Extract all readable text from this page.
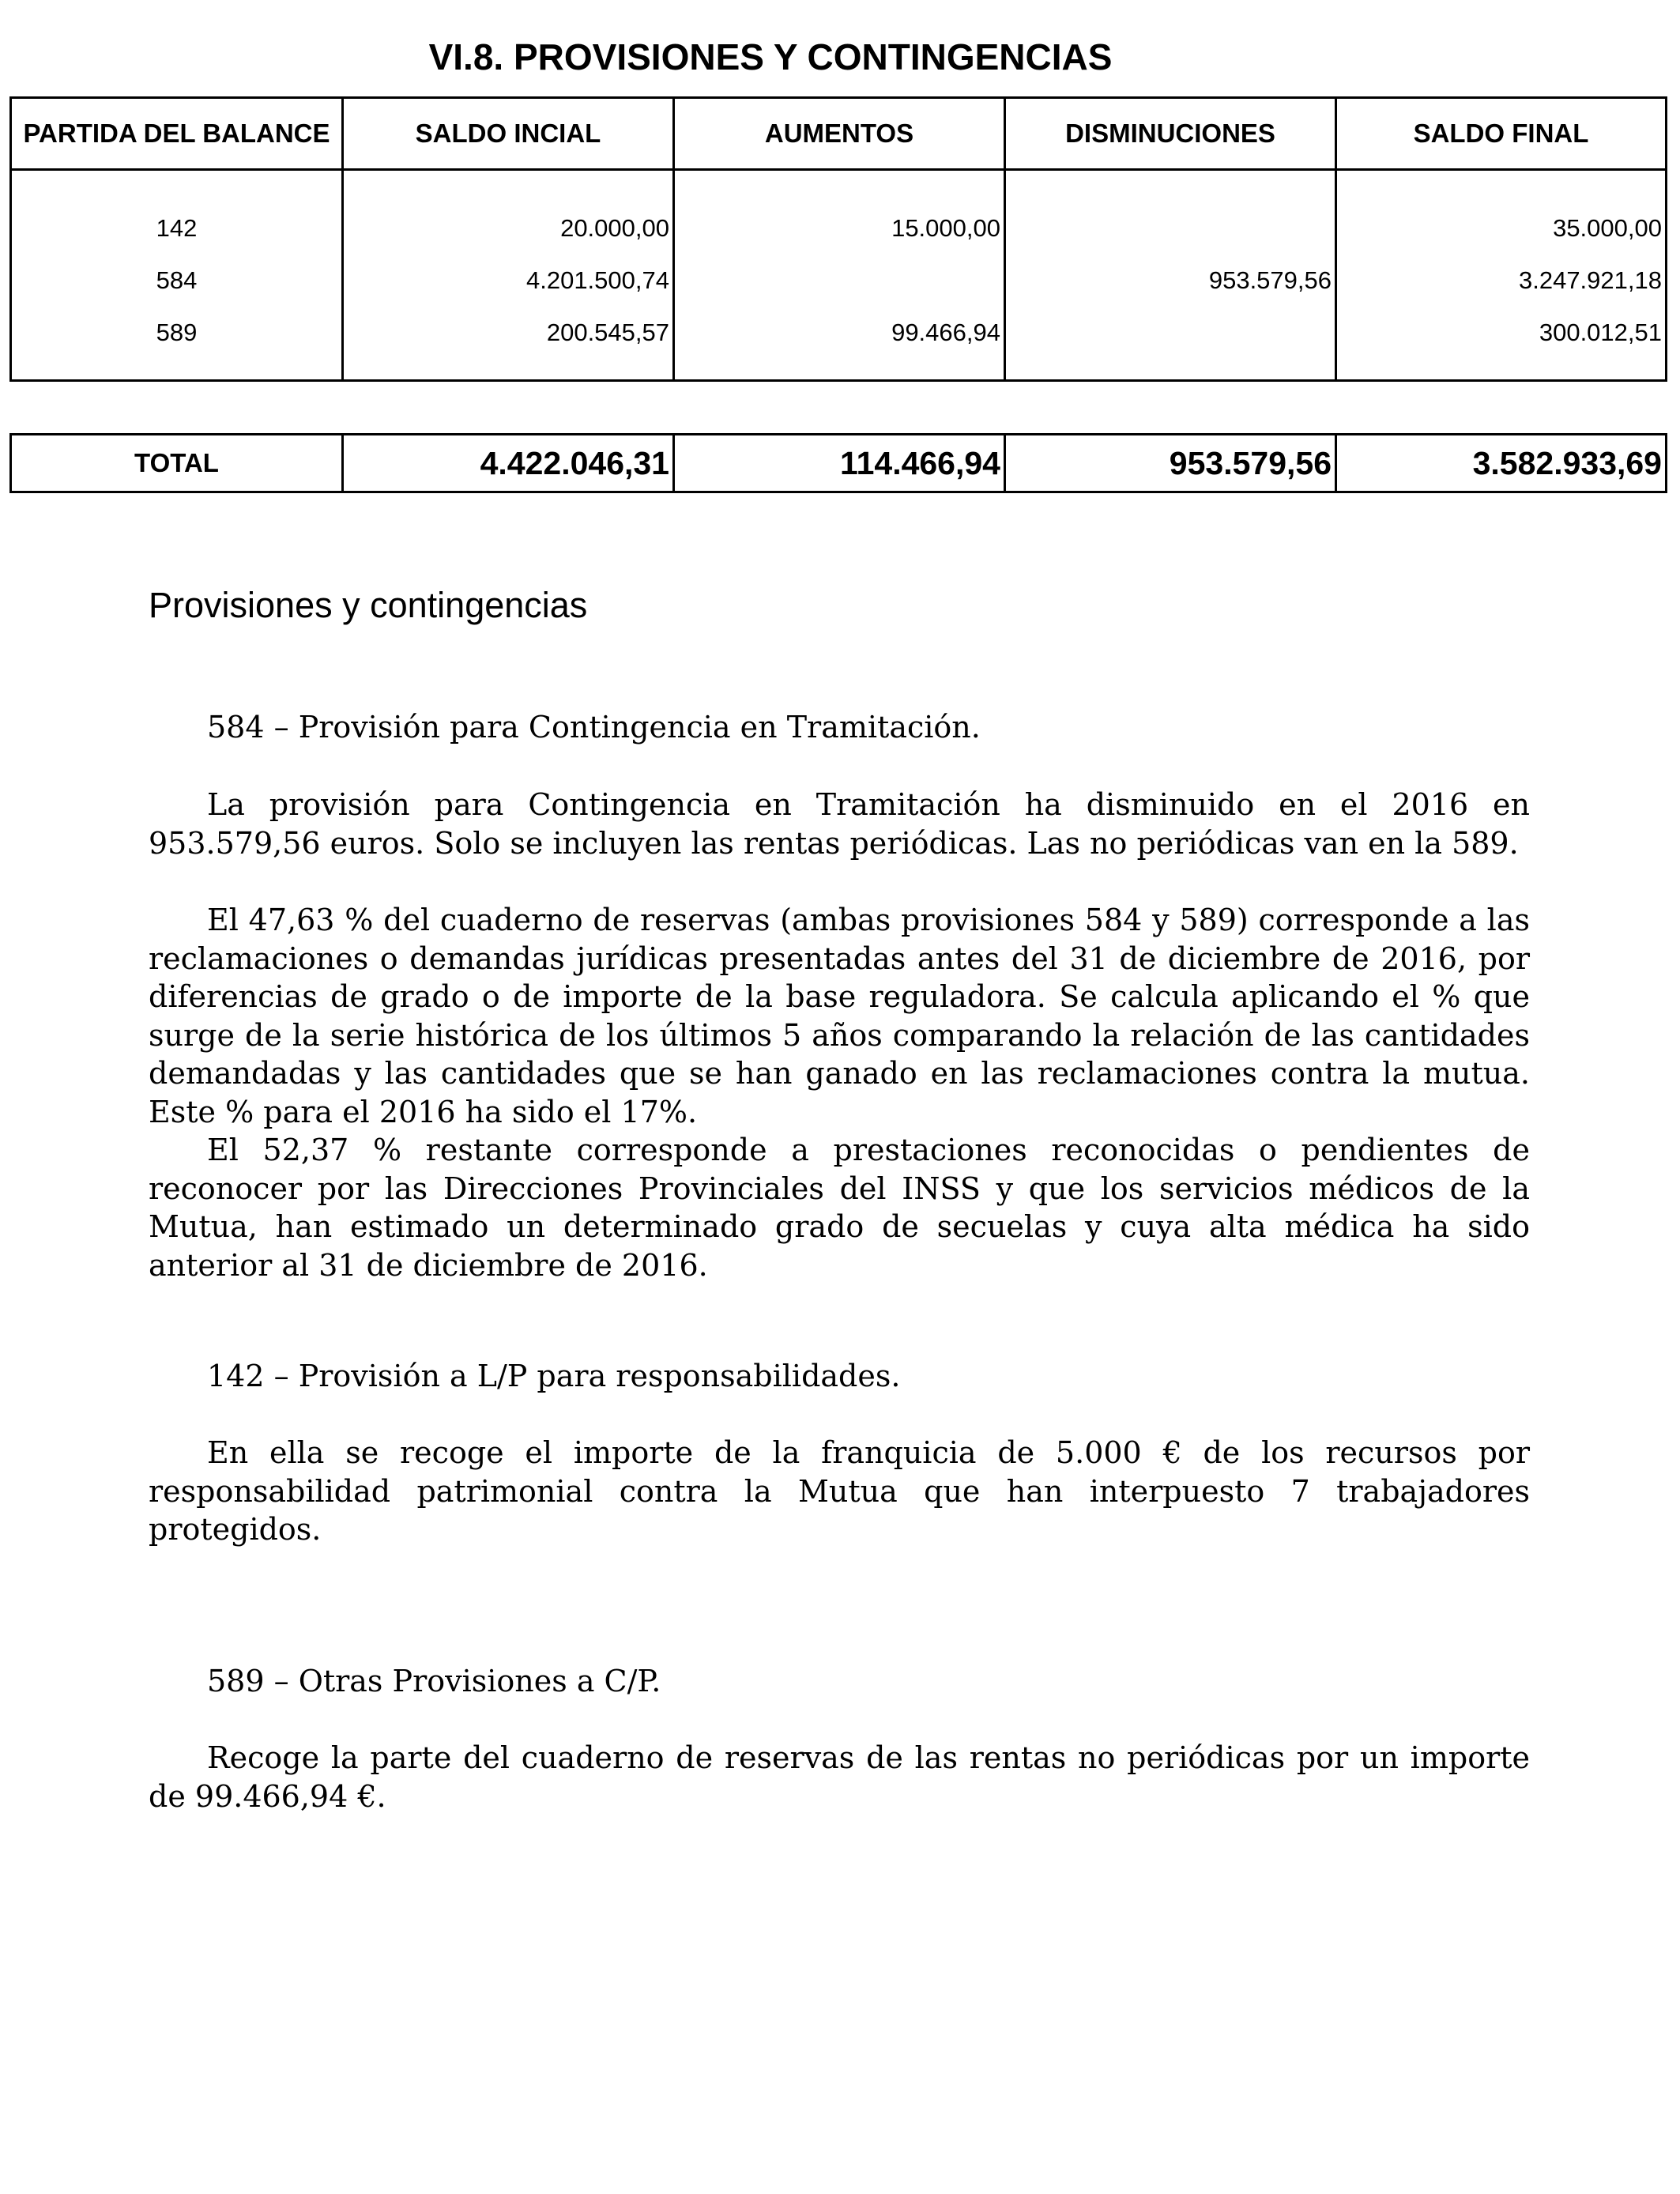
VI.8. PROVISIONES Y CONTINGENCIAS
PARTIDA DEL BALANCE	SALDO INCIAL	AUMENTOS	DISMINUCIONES	SALDO FINAL
142	20.000,00	15.000,00		35.000,00
584	4.201.500,74		953.579,56	3.247.921,18
589	200.545,57	99.466,94		300.012,51
TOTAL	4.422.046,31	114.466,94	953.579,56	3.582.933,69
Provisiones y contingencias

584 – Provisión para Contingencia en Tramitación.

La provisión para Contingencia en Tramitación ha disminuido en el 2016 en 953.579,56 euros. Solo se incluyen las rentas periódicas. Las no periódicas van en la 589.

El 47,63 % del cuaderno de reservas (ambas provisiones 584 y 589) corresponde a las reclamaciones o demandas jurídicas presentadas antes del 31 de diciembre de 2016, por diferencias de grado o de importe de la base reguladora. Se calcula aplicando el % que surge de la serie histórica de los últimos 5 años comparando la relación de las cantidades demandadas y las cantidades que se han ganado en las reclamaciones contra la mutua. Este % para el 2016 ha sido el 17%.

El 52,37 % restante corresponde a prestaciones reconocidas o pendientes de reconocer por las Direcciones Provinciales del INSS y que los servicios médicos de la Mutua, han estimado un determinado grado de secuelas y cuya alta médica ha sido anterior al 31 de diciembre de 2016.

142 – Provisión a L/P para responsabilidades.

En ella se recoge el importe de la franquicia de 5.000 € de los recursos por responsabilidad patrimonial contra la Mutua que han interpuesto 7 trabajadores protegidos.

589 – Otras Provisiones a C/P.

Recoge la parte del cuaderno de reservas de las rentas no periódicas por un importe de 99.466,94 €.
